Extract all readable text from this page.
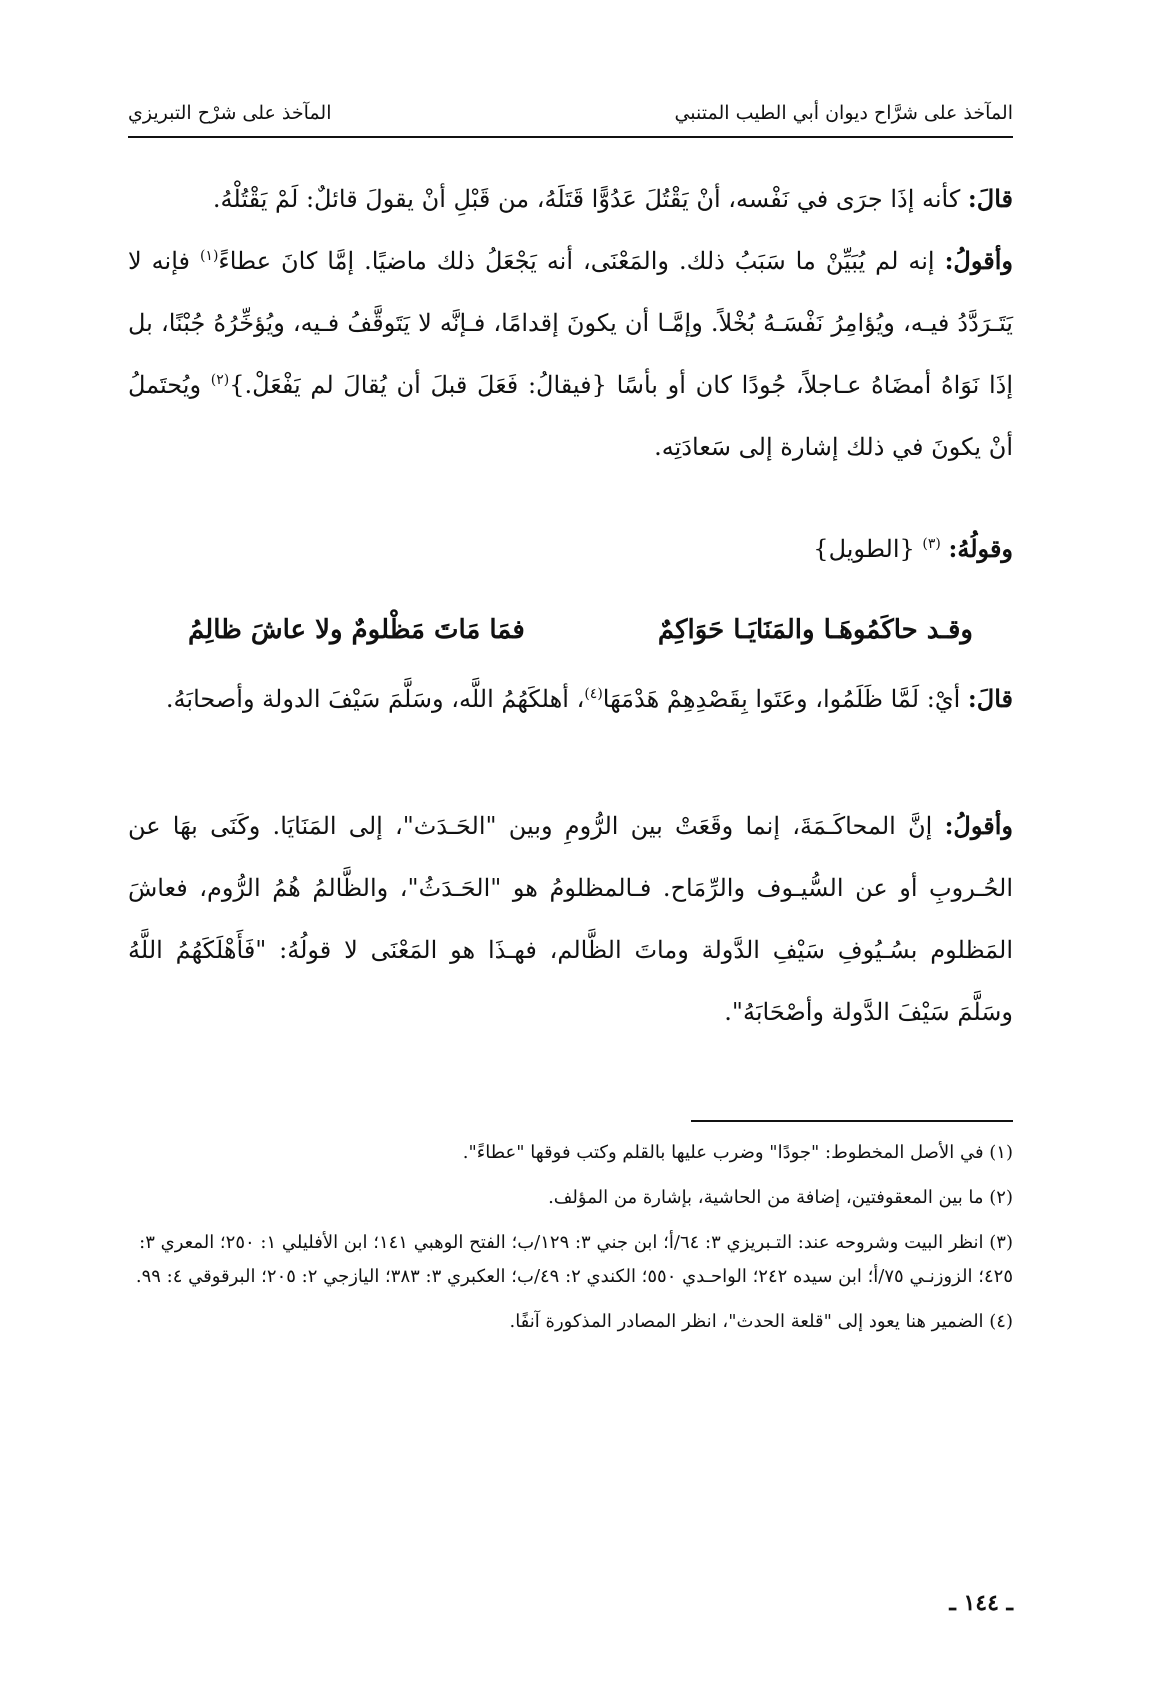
المآخذ على شرَّاح ديوان أبي الطيب المتنبي
المآخذ على شرْح التبريزي

قالَ: كأنه إذَا جرَى في نَفْسه، أنْ يَقْتُلَ عَدُوًّا قَتَلَهُ، من قَبْلِ أنْ يقولَ قائلٌ: لَمْ يَقْتُلْهُ.

وأقولُ: إنه لم يُبَيِّنْ ما سَبَبُ ذلك. والمَعْنَى، أنه يَجْعَلُ ذلك ماضيًا. إمَّا كانَ عطاءً$^{(١)}$ فإنه لا يَتَـرَدَّدُ فيـه، ويُؤامِرُ نَفْسَـهُ بُخْلاً. وإمَّـا أن يكونَ إقدامًا، فـإنَّه لا يَتَوقَّفُ فـيه، ويُؤخِّرُهُ جُبْنًا، بل إذَا نَوَاهُ أمضَاهُ عـاجلاً، جُودًا كان أو بأسًا {فيقالُ: فَعَلَ قبلَ أن يُقالَ لم يَفْعَلْ.}$^{(٢)}$ ويُحتَملُ أنْ يكونَ في ذلك إشارة إلى سَعادَتِه.

وقولُهُ: $^{(٣)}$ {الطويل}

وقـد حاكَمُوهَـا والمَنَايَـا حَوَاكِمٌ
فمَا مَاتَ مَظْلومٌ ولا عاشَ ظالِمُ

قالَ: أيْ: لَمَّا ظَلَمُوا، وعَتَوا بِقَصْدِهِمْ هَدْمَهَا$^{(٤)}$، أهلكَهُمُ اللَّه، وسَلَّمَ سَيْفَ الدولة وأصحابَهُ.

وأقولُ: إنَّ المحاكَـمَةَ، إنما وقَعَتْ بين الرُّومِ وبين "الحَـدَث"، إلى المَنَايَا. وكَنَى بهَا عن الحُـروبِ أو عن السُّيـوف والرِّمَاح. فـالمظلومُ هو "الحَـدَثُ"، والظَّالمُ هُمُ الرُّوم، فعاشَ المَظلوم بسُـيُوفِ سَيْفِ الدَّولة وماتَ الظَّالم، فهـذَا هو المَعْنَى لا قولُهُ: "فَأَهْلَكَهُمُ اللَّهُ وسَلَّمَ سَيْفَ الدَّولة وأصْحَابَهُ".

(١) في الأصل المخطوط: "جودًا" وضرب عليها بالقلم وكتب فوقها "عطاءً".

(٢) ما بين المعقوفتين، إضافة من الحاشية، بإشارة من المؤلف.

(٣) انظر البيت وشروحه عند: التـبريزي ٣: ٦٤/أ؛ ابن جني ٣: ١٢٩/ب؛ الفتح الوهبي ١٤١؛ ابن الأفليلي ١: ٢٥٠؛ المعري ٣: ٤٢٥؛ الزوزنـي ٧٥/أ؛ ابن سيده ٢٤٢؛ الواحـدي ٥٥٠؛ الكندي ٢: ٤٩/ب؛ العكبري ٣: ٣٨٣؛ اليازجي ٢: ٢٠٥؛ البرقوقي ٤: ٩٩.

(٤) الضمير هنا يعود إلى "قلعة الحدث"، انظر المصادر المذكورة آنفًا.

ـ ١٤٤ ـ
